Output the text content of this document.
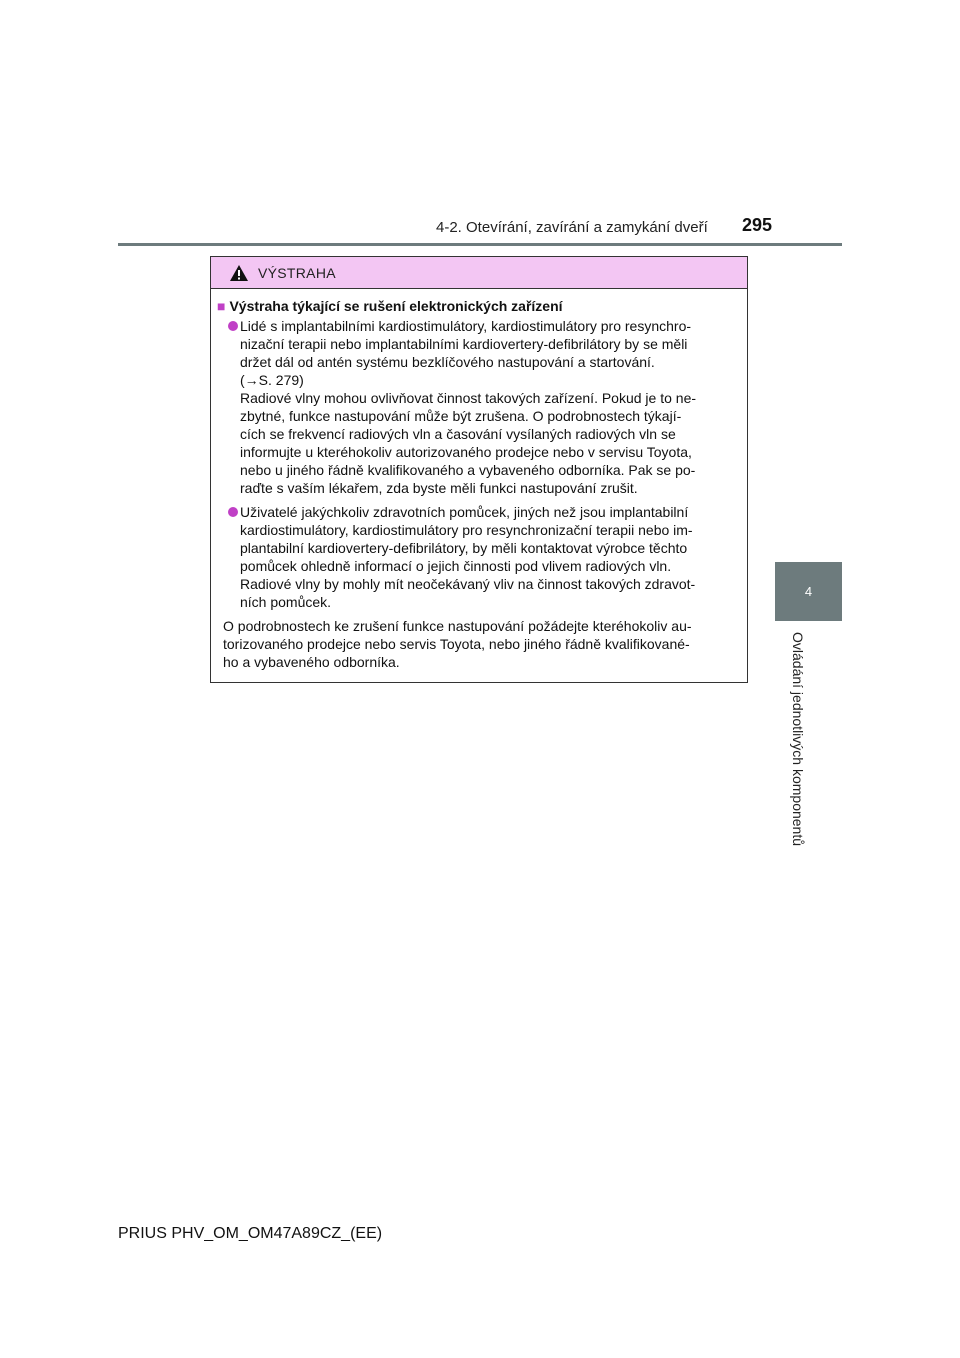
4-2. Otevírání, zavírání a zamykání dveří 295
4
Ovládání jednotlivých komponentů
VÝSTRAHA
■ Výstraha týkající se rušení elektronických zařízení
Lidé s implantabilními kardiostimulátory, kardiostimulátory pro resynchro-
nizační terapii nebo implantabilními kardiovertery-defibrilátory by se měli
držet dál od antén systému bezklíčového nastupování a startování.
(→S. 279)
Radiové vlny mohou ovlivňovat činnost takových zařízení. Pokud je to ne-
zbytné, funkce nastupování může být zrušena. O podrobnostech týkají-
cích se frekvencí radiových vln a časování vysílaných radiových vln se
informujte u kteréhokoliv autorizovaného prodejce nebo v servisu Toyota,
nebo u jiného řádně kvalifikovaného a vybaveného odborníka. Pak se po-
raďte s vaším lékařem, zda byste měli funkci nastupování zrušit.
Uživatelé jakýchkoliv zdravotních pomůcek, jiných než jsou implantabilní
kardiostimulátory, kardiostimulátory pro resynchronizační terapii nebo im-
plantabilní kardiovertery-defibrilátory, by měli kontaktovat výrobce těchto
pomůcek ohledně informací o jejich činnosti pod vlivem radiových vln.
Radiové vlny by mohly mít neočekávaný vliv na činnost takových zdravot-
ních pomůcek.
O podrobnostech ke zrušení funkce nastupování požádejte kteréhokoliv au-
torizovaného prodejce nebo servis Toyota, nebo jiného řádně kvalifikované-
ho a vybaveného odborníka.
PRIUS PHV_OM_OM47A89CZ_(EE)
